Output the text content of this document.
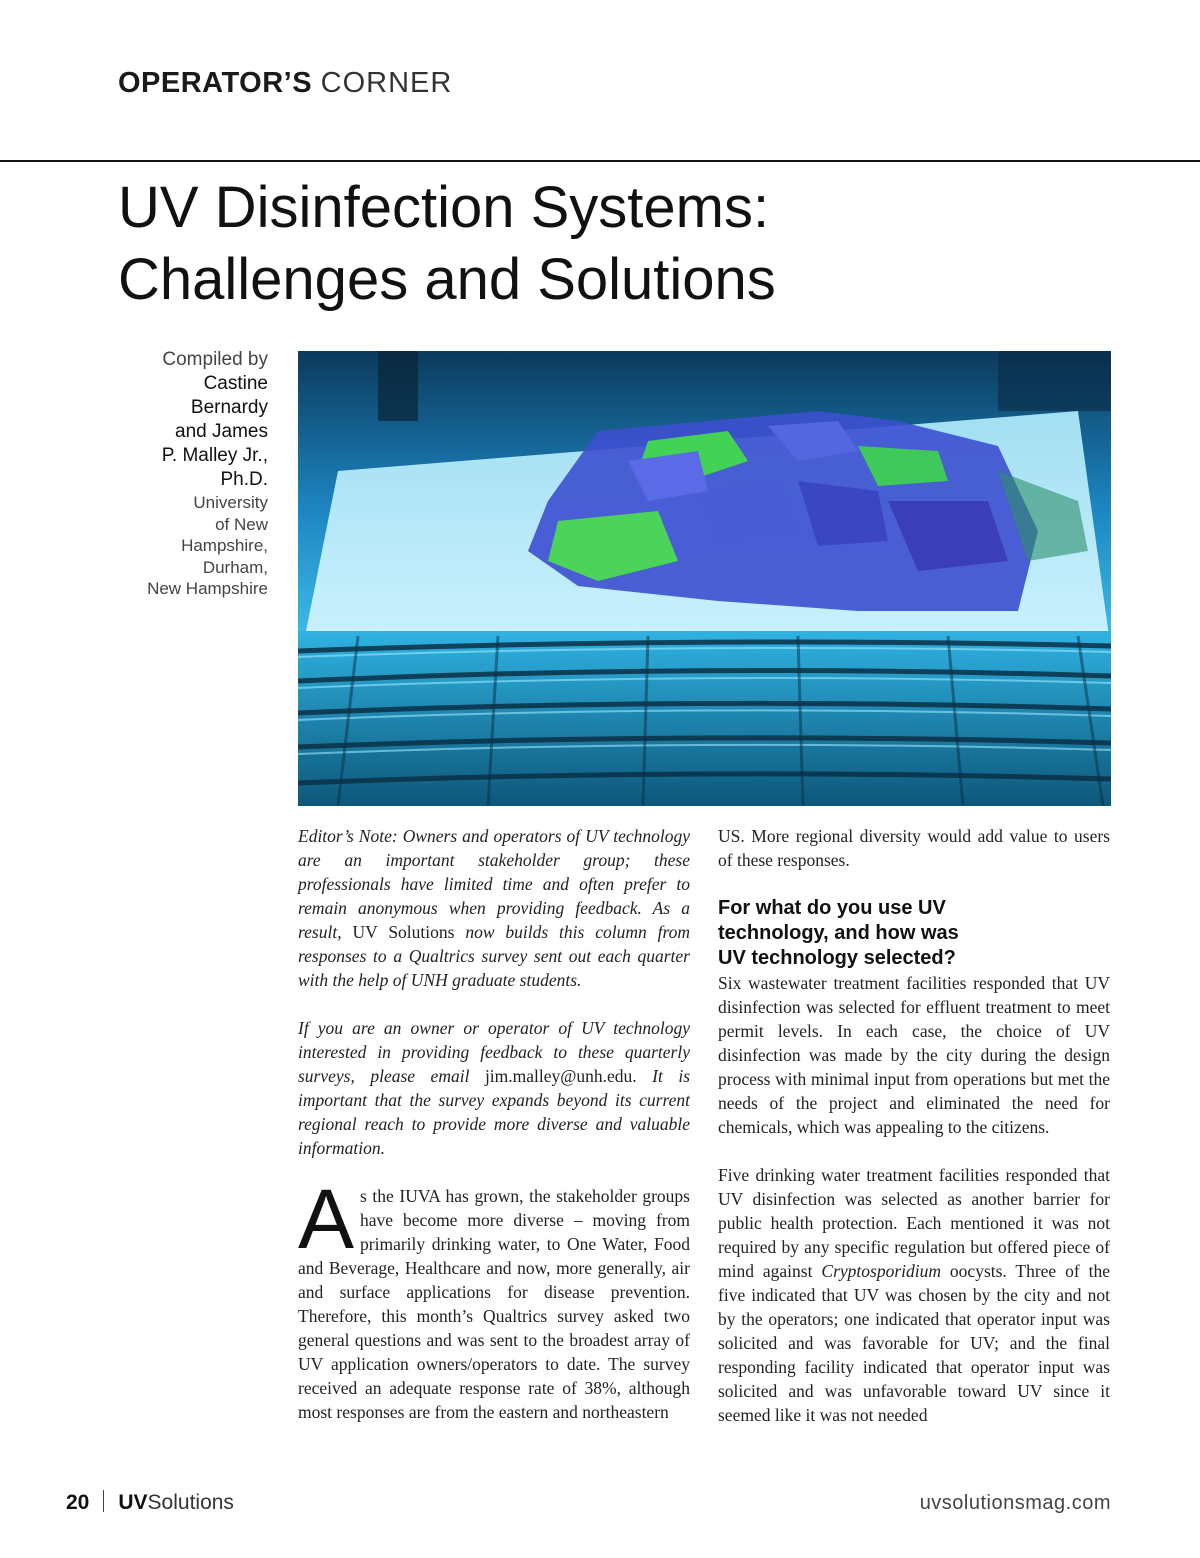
OPERATOR’S CORNER
UV Disinfection Systems:
Challenges and Solutions
Compiled by
Castine
Bernardy
and James
P. Malley Jr.,
Ph.D.
University
of New
Hampshire,
Durham,
New Hampshire

Editor’s Note: Owners and operators of UV technology are an important stakeholder group; these professionals have limited time and often prefer to remain anonymous when providing feedback. As a result, UV Solutions now builds this column from responses to a Qualtrics survey sent out each quarter with the help of UNH graduate students.

If you are an owner or operator of UV technology interested in providing feedback to these quarterly surveys, please email jim.malley@unh.edu. It is important that the survey expands beyond its current regional reach to provide more diverse and valuable information.

As the IUVA has grown, the stakeholder groups have become more diverse – moving from primarily drinking water, to One Water, Food and Beverage, Healthcare and now, more generally, air and surface applications for disease prevention. Therefore, this month’s Qualtrics survey asked two general questions and was sent to the broadest array of UV application owners/operators to date. The survey received an adequate response rate of 38%, although most responses are from the eastern and northeastern

US. More regional diversity would add value to users of these responses.

For what do you use UV
technology, and how was
UV technology selected?

Six wastewater treatment facilities responded that UV disinfection was selected for effluent treatment to meet permit levels. In each case, the choice of UV disinfection was made by the city during the design process with minimal input from operations but met the needs of the project and eliminated the need for chemicals, which was appealing to the citizens.

Five drinking water treatment facilities responded that UV disinfection was selected as another barrier for public health protection. Each mentioned it was not required by any specific regulation but offered piece of mind against Cryptosporidium oocysts. Three of the five indicated that UV was chosen by the city and not by the operators; one indicated that operator input was solicited and was favorable for UV; and the final responding facility indicated that operator input was solicited and was unfavorable toward UV since it seemed like it was not needed

20 UVSolutions	uvsolutionsmag.com
